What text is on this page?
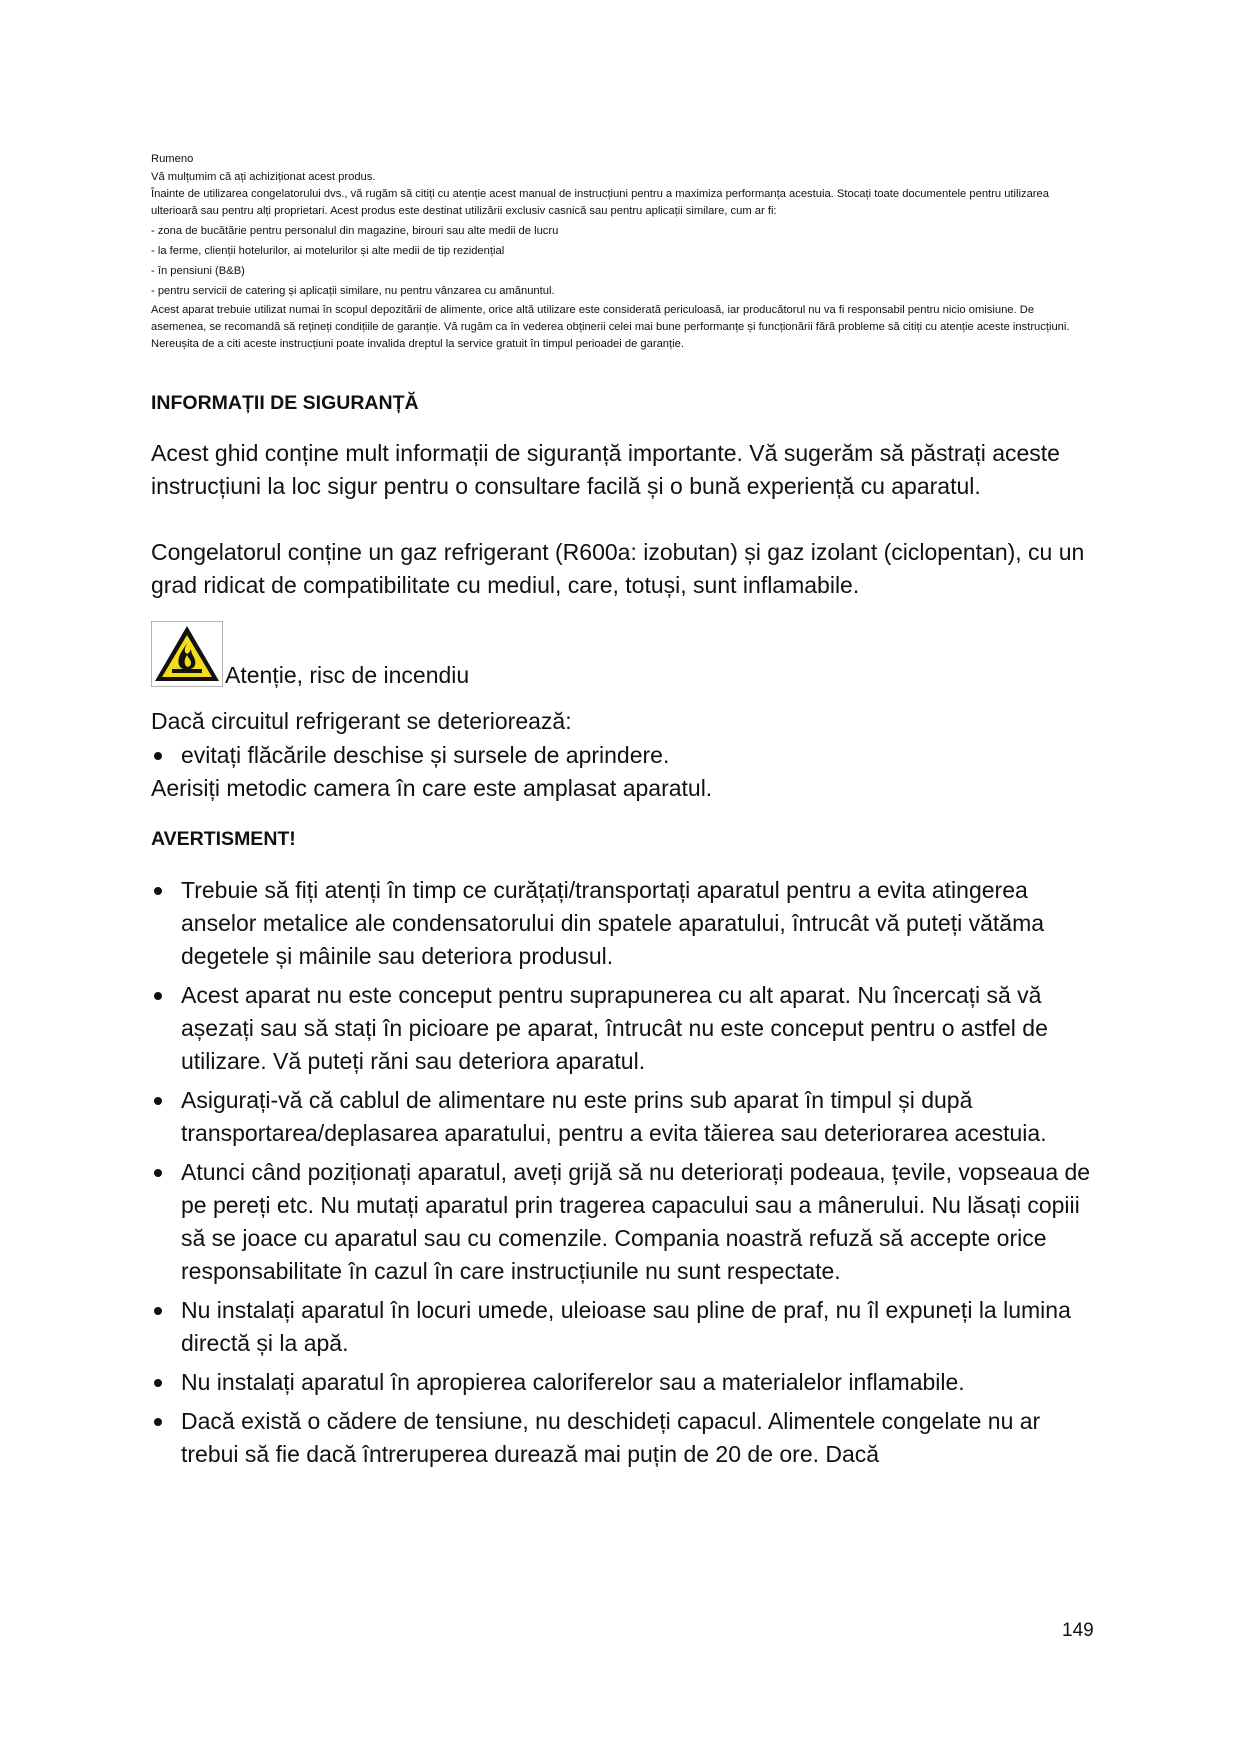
Rumeno

Vă mulțumim că ați achiziționat acest produs.

Înainte de utilizarea congelatorului dvs., vă rugăm să citiți cu atenție acest manual de instrucțiuni pentru a maximiza performanța acestuia. Stocați toate documentele pentru utilizarea ulterioară sau pentru alți proprietari. Acest produs este destinat utilizării exclusiv casnică sau pentru aplicații similare, cum ar fi:

- zona de bucătărie pentru personalul din magazine, birouri sau alte medii de lucru

- la ferme, clienții hotelurilor, ai motelurilor și alte medii de tip rezidențial

- în pensiuni (B&B)

- pentru servicii de catering și aplicații similare, nu pentru vânzarea cu amănuntul.

Acest aparat trebuie utilizat numai în scopul depozitării de alimente, orice altă utilizare este considerată periculoasă, iar producătorul nu va fi responsabil pentru nicio omisiune. De asemenea, se recomandă să rețineți condițiile de garanție. Vă rugăm ca în vederea obținerii celei mai bune performanțe și funcționării fără probleme să citiți cu atenție aceste instrucțiuni. Nereușita de a citi aceste instrucțiuni poate invalida dreptul la service gratuit în timpul perioadei de garanție.

INFORMAȚII DE SIGURANȚĂ

Acest ghid conține mult informații de siguranță importante. Vă sugerăm să păstrați aceste instrucțiuni la loc sigur pentru o consultare facilă și o bună experiență cu aparatul.

Congelatorul conține un gaz refrigerant (R600a: izobutan) și gaz izolant (ciclopentan), cu un grad ridicat de compatibilitate cu mediul, care, totuși, sunt inflamabile.

Atenție, risc de incendiu

Dacă circuitul refrigerant se deteriorează:

evitați flăcările deschise și sursele de aprindere.

Aerisiți metodic camera în care este amplasat aparatul.

AVERTISMENT!
Trebuie să fiți atenți în timp ce curățați/transportați aparatul pentru a evita atingerea anselor metalice ale condensatorului din spatele aparatului, întrucât vă puteți vătăma degetele și mâinile sau deteriora produsul.
Acest aparat nu este conceput pentru suprapunerea cu alt aparat. Nu încercați să vă așezați sau să stați în picioare pe aparat, întrucât nu este conceput pentru o astfel de utilizare. Vă puteți răni sau deteriora aparatul.
Asigurați-vă că cablul de alimentare nu este prins sub aparat în timpul și după transportarea/deplasarea aparatului, pentru a evita tăierea sau deteriorarea acestuia.
Atunci când poziționați aparatul, aveți grijă să nu deteriorați podeaua, țevile, vopseaua de pe pereți etc. Nu mutați aparatul prin tragerea capacului sau a mânerului. Nu lăsați copiii să se joace cu aparatul sau cu comenzile. Compania noastră refuză să accepte orice responsabilitate în cazul în care instrucțiunile nu sunt respectate.
Nu instalați aparatul în locuri umede, uleioase sau pline de praf, nu îl expuneți la lumina directă și la apă.
Nu instalați aparatul în apropierea caloriferelor sau a materialelor inflamabile.
Dacă există o cădere de tensiune, nu deschideți capacul. Alimentele congelate nu ar trebui să fie dacă întreruperea durează mai puțin de 20 de ore. Dacă
149
